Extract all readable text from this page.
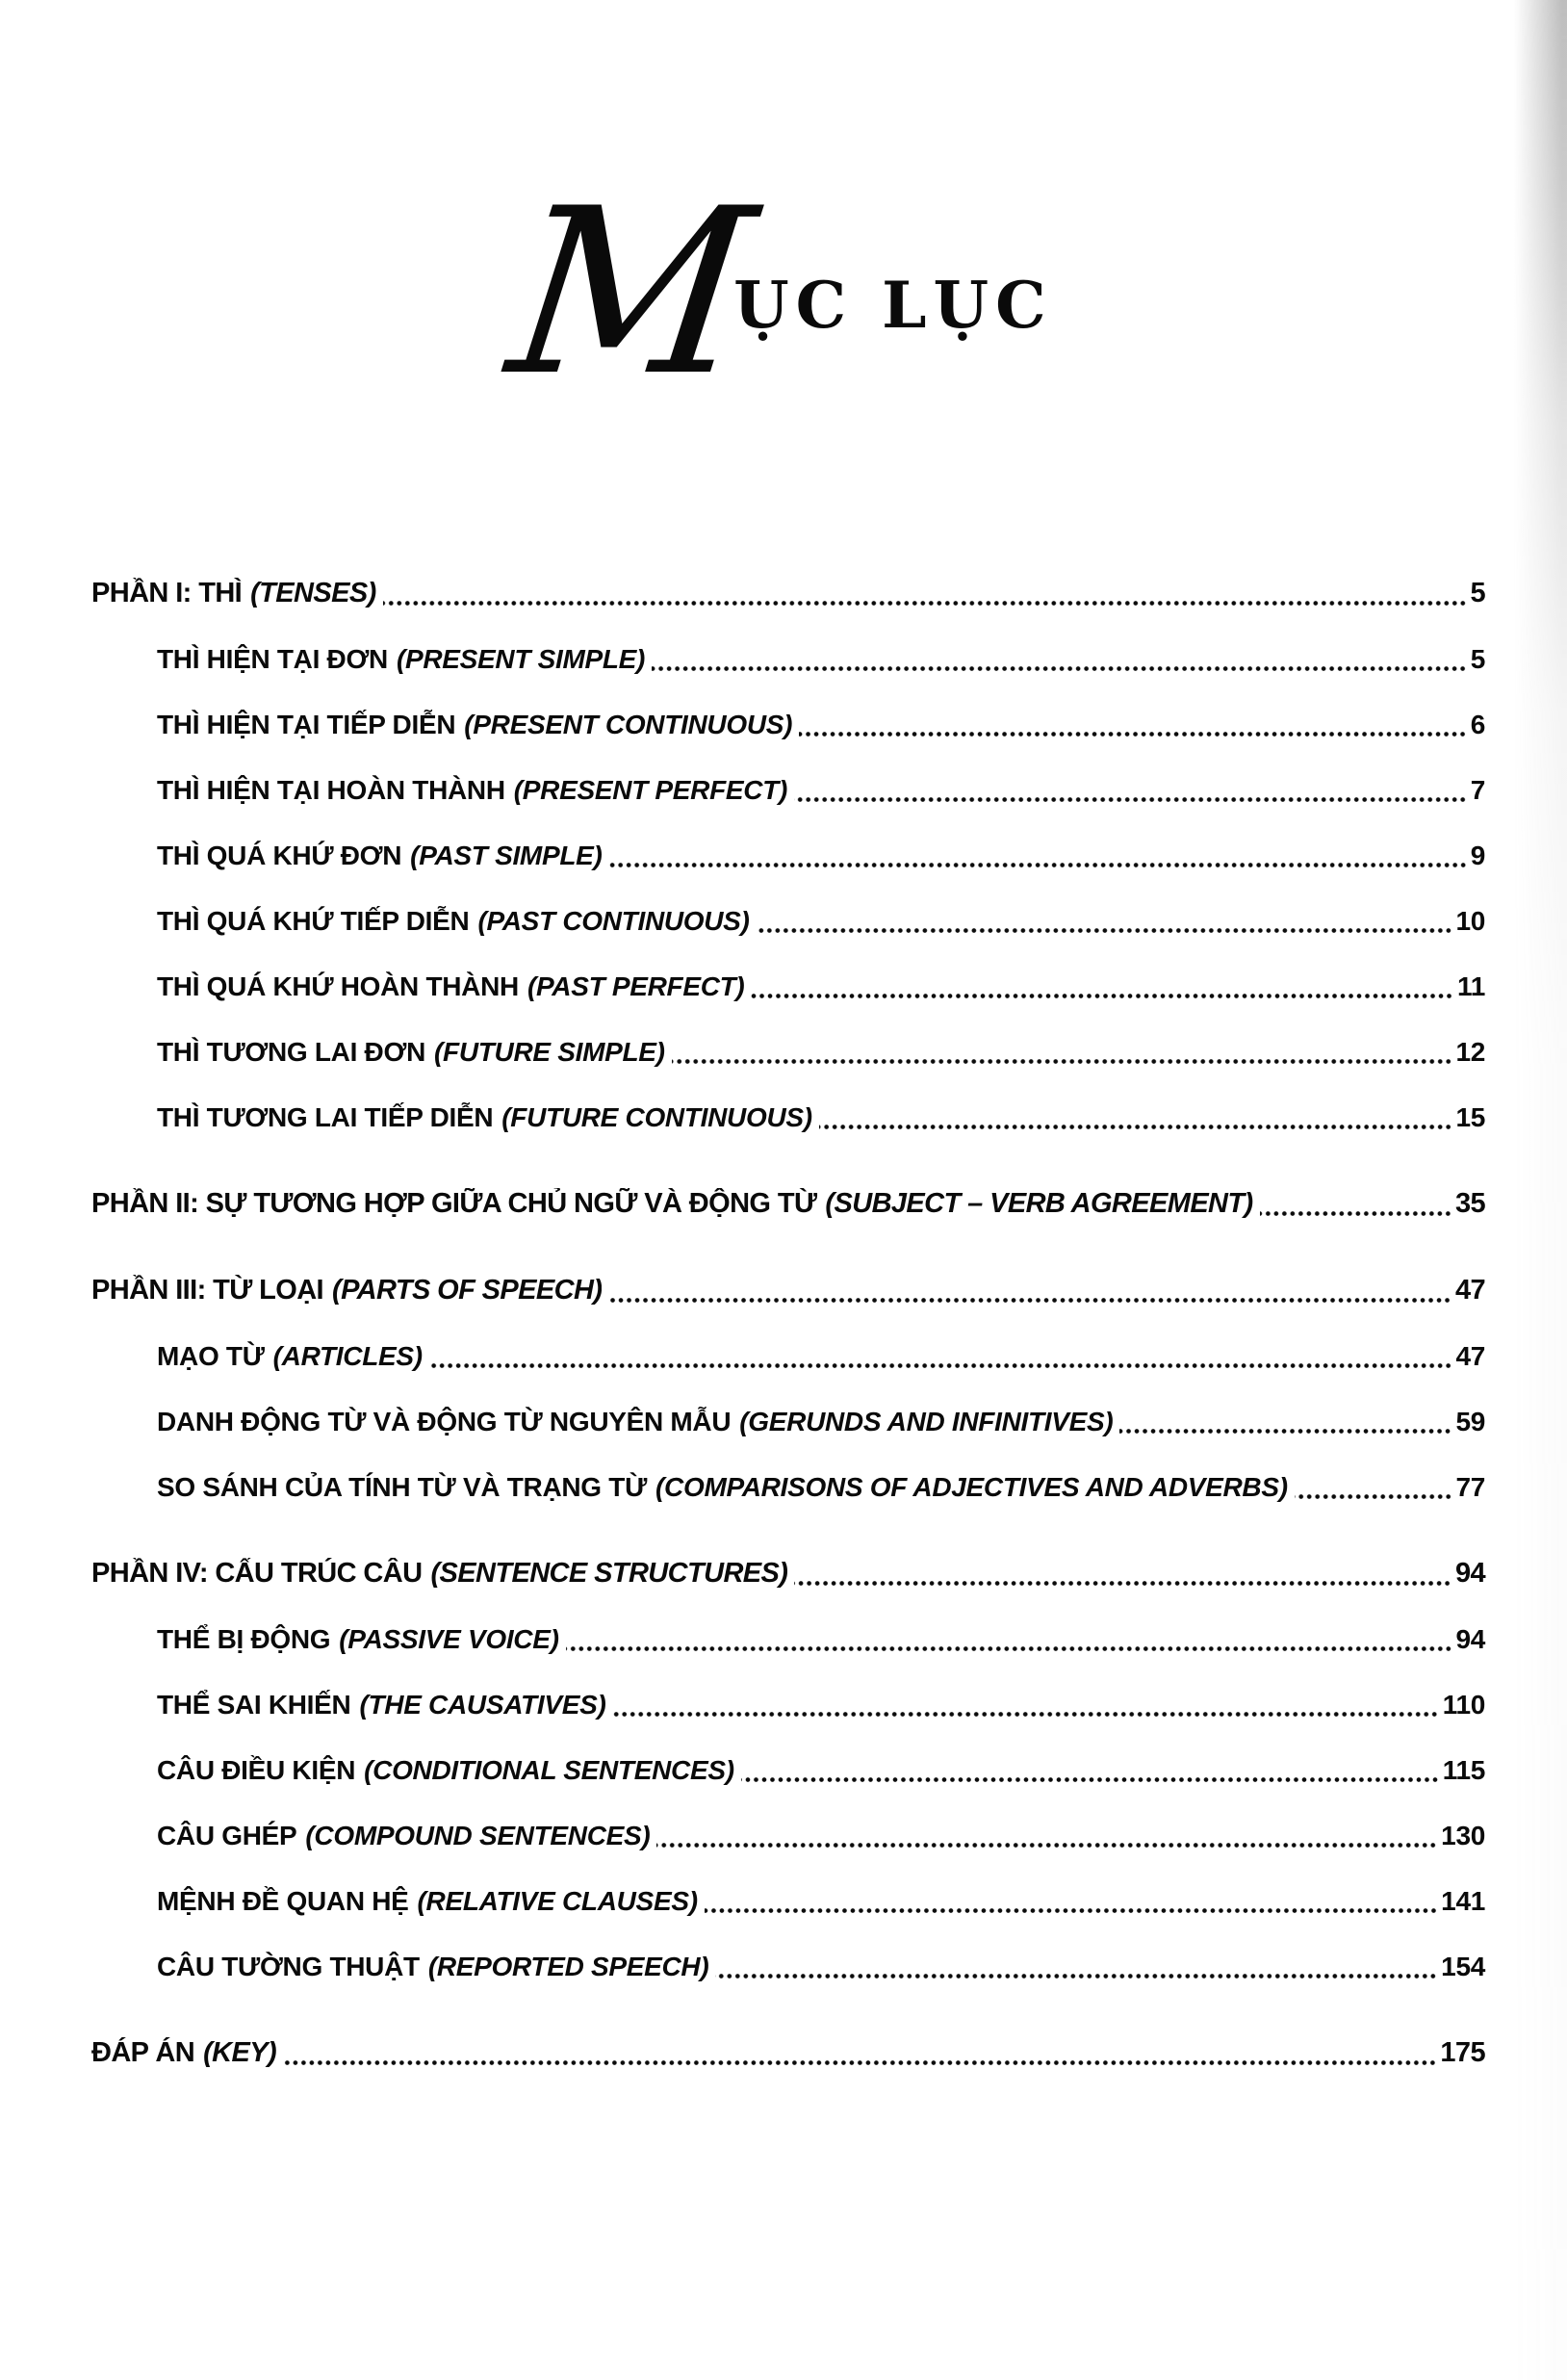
M
ỤC LỤC
PHẦN I: THÌ (TENSES)	5
THÌ HIỆN TẠI ĐƠN (PRESENT SIMPLE)	5
THÌ HIỆN TẠI TIẾP DIỄN (PRESENT CONTINUOUS)	6
THÌ HIỆN TẠI HOÀN THÀNH (PRESENT PERFECT)	7
THÌ QUÁ KHỨ ĐƠN (PAST SIMPLE)	9
THÌ QUÁ KHỨ TIẾP DIỄN (PAST CONTINUOUS)	10
THÌ QUÁ KHỨ HOÀN THÀNH (PAST PERFECT)	11
THÌ TƯƠNG LAI ĐƠN (FUTURE SIMPLE)	12
THÌ TƯƠNG LAI TIẾP DIỄN (FUTURE CONTINUOUS)	15
PHẦN II: SỰ TƯƠNG HỢP GIỮA CHỦ NGỮ VÀ ĐỘNG TỪ (SUBJECT – VERB AGREEMENT)	35
PHẦN III: TỪ LOẠI (PARTS OF SPEECH)	47
MẠO TỪ (ARTICLES)	47
DANH ĐỘNG TỪ VÀ ĐỘNG TỪ NGUYÊN MẪU (GERUNDS AND INFINITIVES)	59
SO SÁNH CỦA TÍNH TỪ VÀ TRẠNG TỪ (COMPARISONS OF ADJECTIVES AND ADVERBS)	77
PHẦN IV: CẤU TRÚC CÂU (SENTENCE STRUCTURES)	94
THỂ BỊ ĐỘNG (PASSIVE VOICE)	94
THỂ SAI KHIẾN (THE CAUSATIVES)	110
CÂU ĐIỀU KIỆN (CONDITIONAL SENTENCES)	115
CÂU GHÉP (COMPOUND SENTENCES)	130
MỆNH ĐỀ QUAN HỆ (RELATIVE CLAUSES)	141
CÂU TƯỜNG THUẬT (REPORTED SPEECH)	154
ĐÁP ÁN (KEY)	175
